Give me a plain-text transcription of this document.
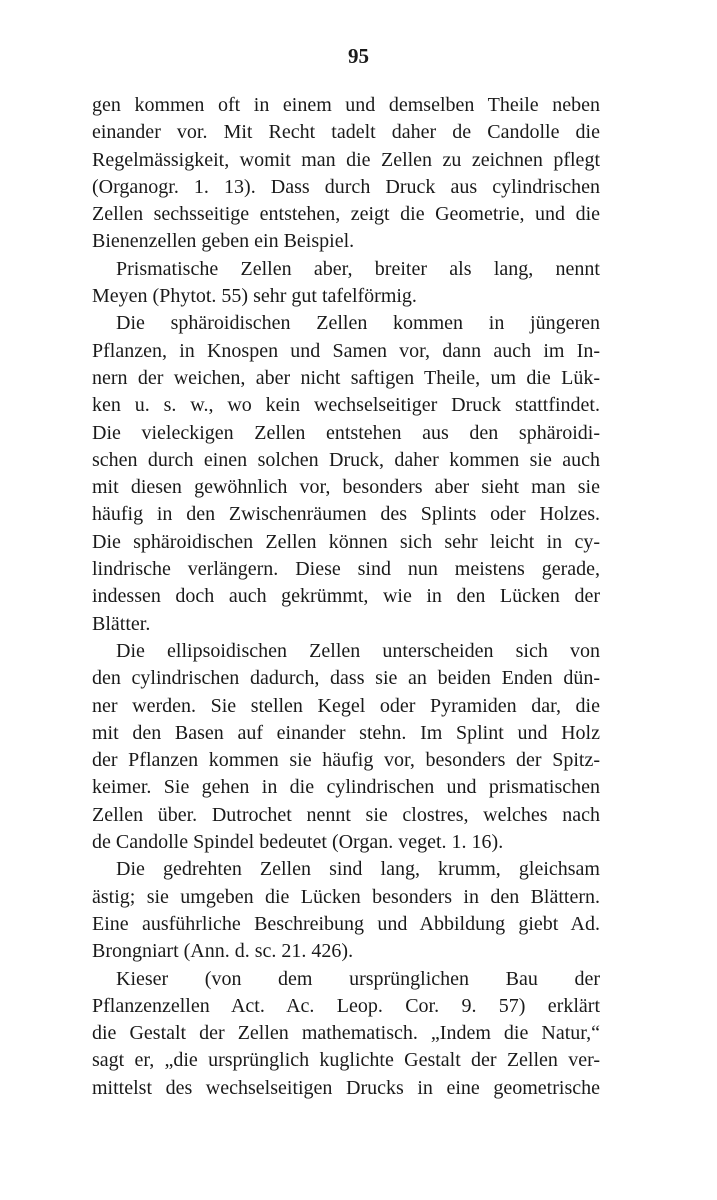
95
gen kommen oft in einem und demselben Theile neben
einander vor. Mit Recht tadelt daher de Candolle die
Regelmässigkeit, womit man die Zellen zu zeichnen pflegt
(Organogr. 1. 13). Dass durch Druck aus cylindrischen
Zellen sechsseitige entstehen, zeigt die Geometrie, und die
Bienenzellen geben ein Beispiel.
Prismatische Zellen aber, breiter als lang, nennt
Meyen (Phytot. 55) sehr gut tafelförmig.
Die sphäroidischen Zellen kommen in jüngeren
Pflanzen, in Knospen und Samen vor, dann auch im In-
nern der weichen, aber nicht saftigen Theile, um die Lük-
ken u. s. w., wo kein wechselseitiger Druck stattfindet.
Die vieleckigen Zellen entstehen aus den sphäroidi-
schen durch einen solchen Druck, daher kommen sie auch
mit diesen gewöhnlich vor, besonders aber sieht man sie
häufig in den Zwischenräumen des Splints oder Holzes.
Die sphäroidischen Zellen können sich sehr leicht in cy-
lindrische verlängern. Diese sind nun meistens gerade,
indessen doch auch gekrümmt, wie in den Lücken der
Blätter.
Die ellipsoidischen Zellen unterscheiden sich von
den cylindrischen dadurch, dass sie an beiden Enden dün-
ner werden. Sie stellen Kegel oder Pyramiden dar, die
mit den Basen auf einander stehn. Im Splint und Holz
der Pflanzen kommen sie häufig vor, besonders der Spitz-
keimer. Sie gehen in die cylindrischen und prismatischen
Zellen über. Dutrochet nennt sie clostres, welches nach
de Candolle Spindel bedeutet (Organ. veget. 1. 16).
Die gedrehten Zellen sind lang, krumm, gleichsam
ästig; sie umgeben die Lücken besonders in den Blättern.
Eine ausführliche Beschreibung und Abbildung giebt Ad.
Brongniart (Ann. d. sc. 21. 426).
Kieser (von dem ursprünglichen Bau der
Pflanzenzellen Act. Ac. Leop. Cor. 9. 57) erklärt
die Gestalt der Zellen mathematisch. „Indem die Natur,“
sagt er, „die ursprünglich kuglichte Gestalt der Zellen ver-
mittelst des wechselseitigen Drucks in eine geometrische
